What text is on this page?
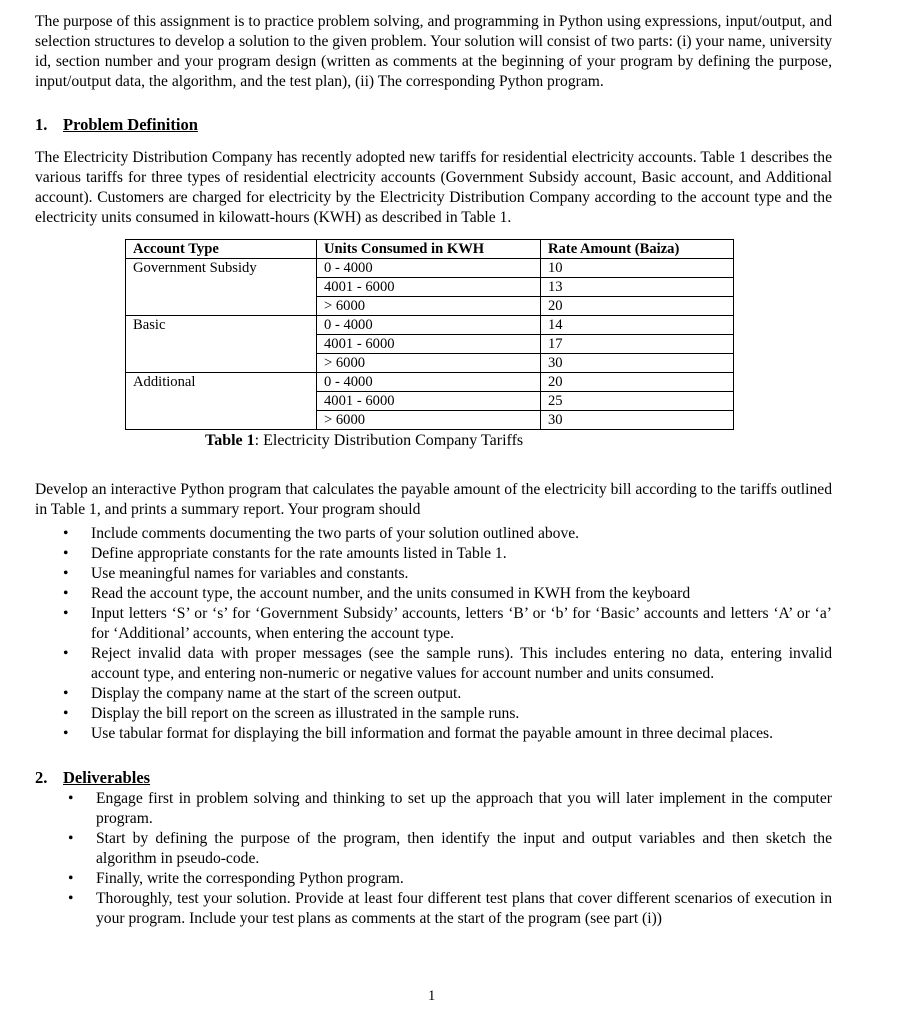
The purpose of this assignment is to practice problem solving, and programming in Python using expressions, input/output, and selection structures to develop a solution to the given problem. Your solution will consist of two parts: (i) your name, university id, section number and your program design (written as comments at the beginning of your program by defining the purpose, input/output data, the algorithm, and the test plan), (ii) The corresponding Python program.

1. Problem Definition

The Electricity Distribution Company has recently adopted new tariffs for residential electricity accounts. Table 1 describes the various tariffs for three types of residential electricity accounts (Government Subsidy account, Basic account, and Additional account). Customers are charged for electricity by the Electricity Distribution Company according to the account type and the electricity units consumed in kilowatt-hours (KWH) as described in Table 1.

Account Type	Units Consumed in KWH	Rate Amount (Baiza)
Government Subsidy	0 - 4000	10
	4001 - 6000	13
	> 6000	20
Basic	0 - 4000	14
	4001 - 6000	17
	> 6000	30
Additional	0 - 4000	20
	4001 - 6000	25
	> 6000	30
Table 1: Electricity Distribution Company Tariffs

Develop an interactive Python program that calculates the payable amount of the electricity bill according to the tariffs outlined in Table 1, and prints a summary report. Your program should

• Include comments documenting the two parts of your solution outlined above.
• Define appropriate constants for the rate amounts listed in Table 1.
• Use meaningful names for variables and constants.
• Read the account type, the account number, and the units consumed in KWH from the keyboard
• Input letters ‘S’ or ‘s’ for ‘Government Subsidy’ accounts, letters ‘B’ or ‘b’ for ‘Basic’ accounts and letters ‘A’ or ‘a’ for ‘Additional’ accounts, when entering the account type.
• Reject invalid data with proper messages (see the sample runs). This includes entering no data, entering invalid account type, and entering non-numeric or negative values for account number and units consumed.
• Display the company name at the start of the screen output.
• Display the bill report on the screen as illustrated in the sample runs.
• Use tabular format for displaying the bill information and format the payable amount in three decimal places.
2. Deliverables
• Engage first in problem solving and thinking to set up the approach that you will later implement in the computer program.
• Start by defining the purpose of the program, then identify the input and output variables and then sketch the algorithm in pseudo-code.
• Finally, write the corresponding Python program.
• Thoroughly, test your solution. Provide at least four different test plans that cover different scenarios of execution in your program. Include your test plans as comments at the start of the program (see part (i))
1
